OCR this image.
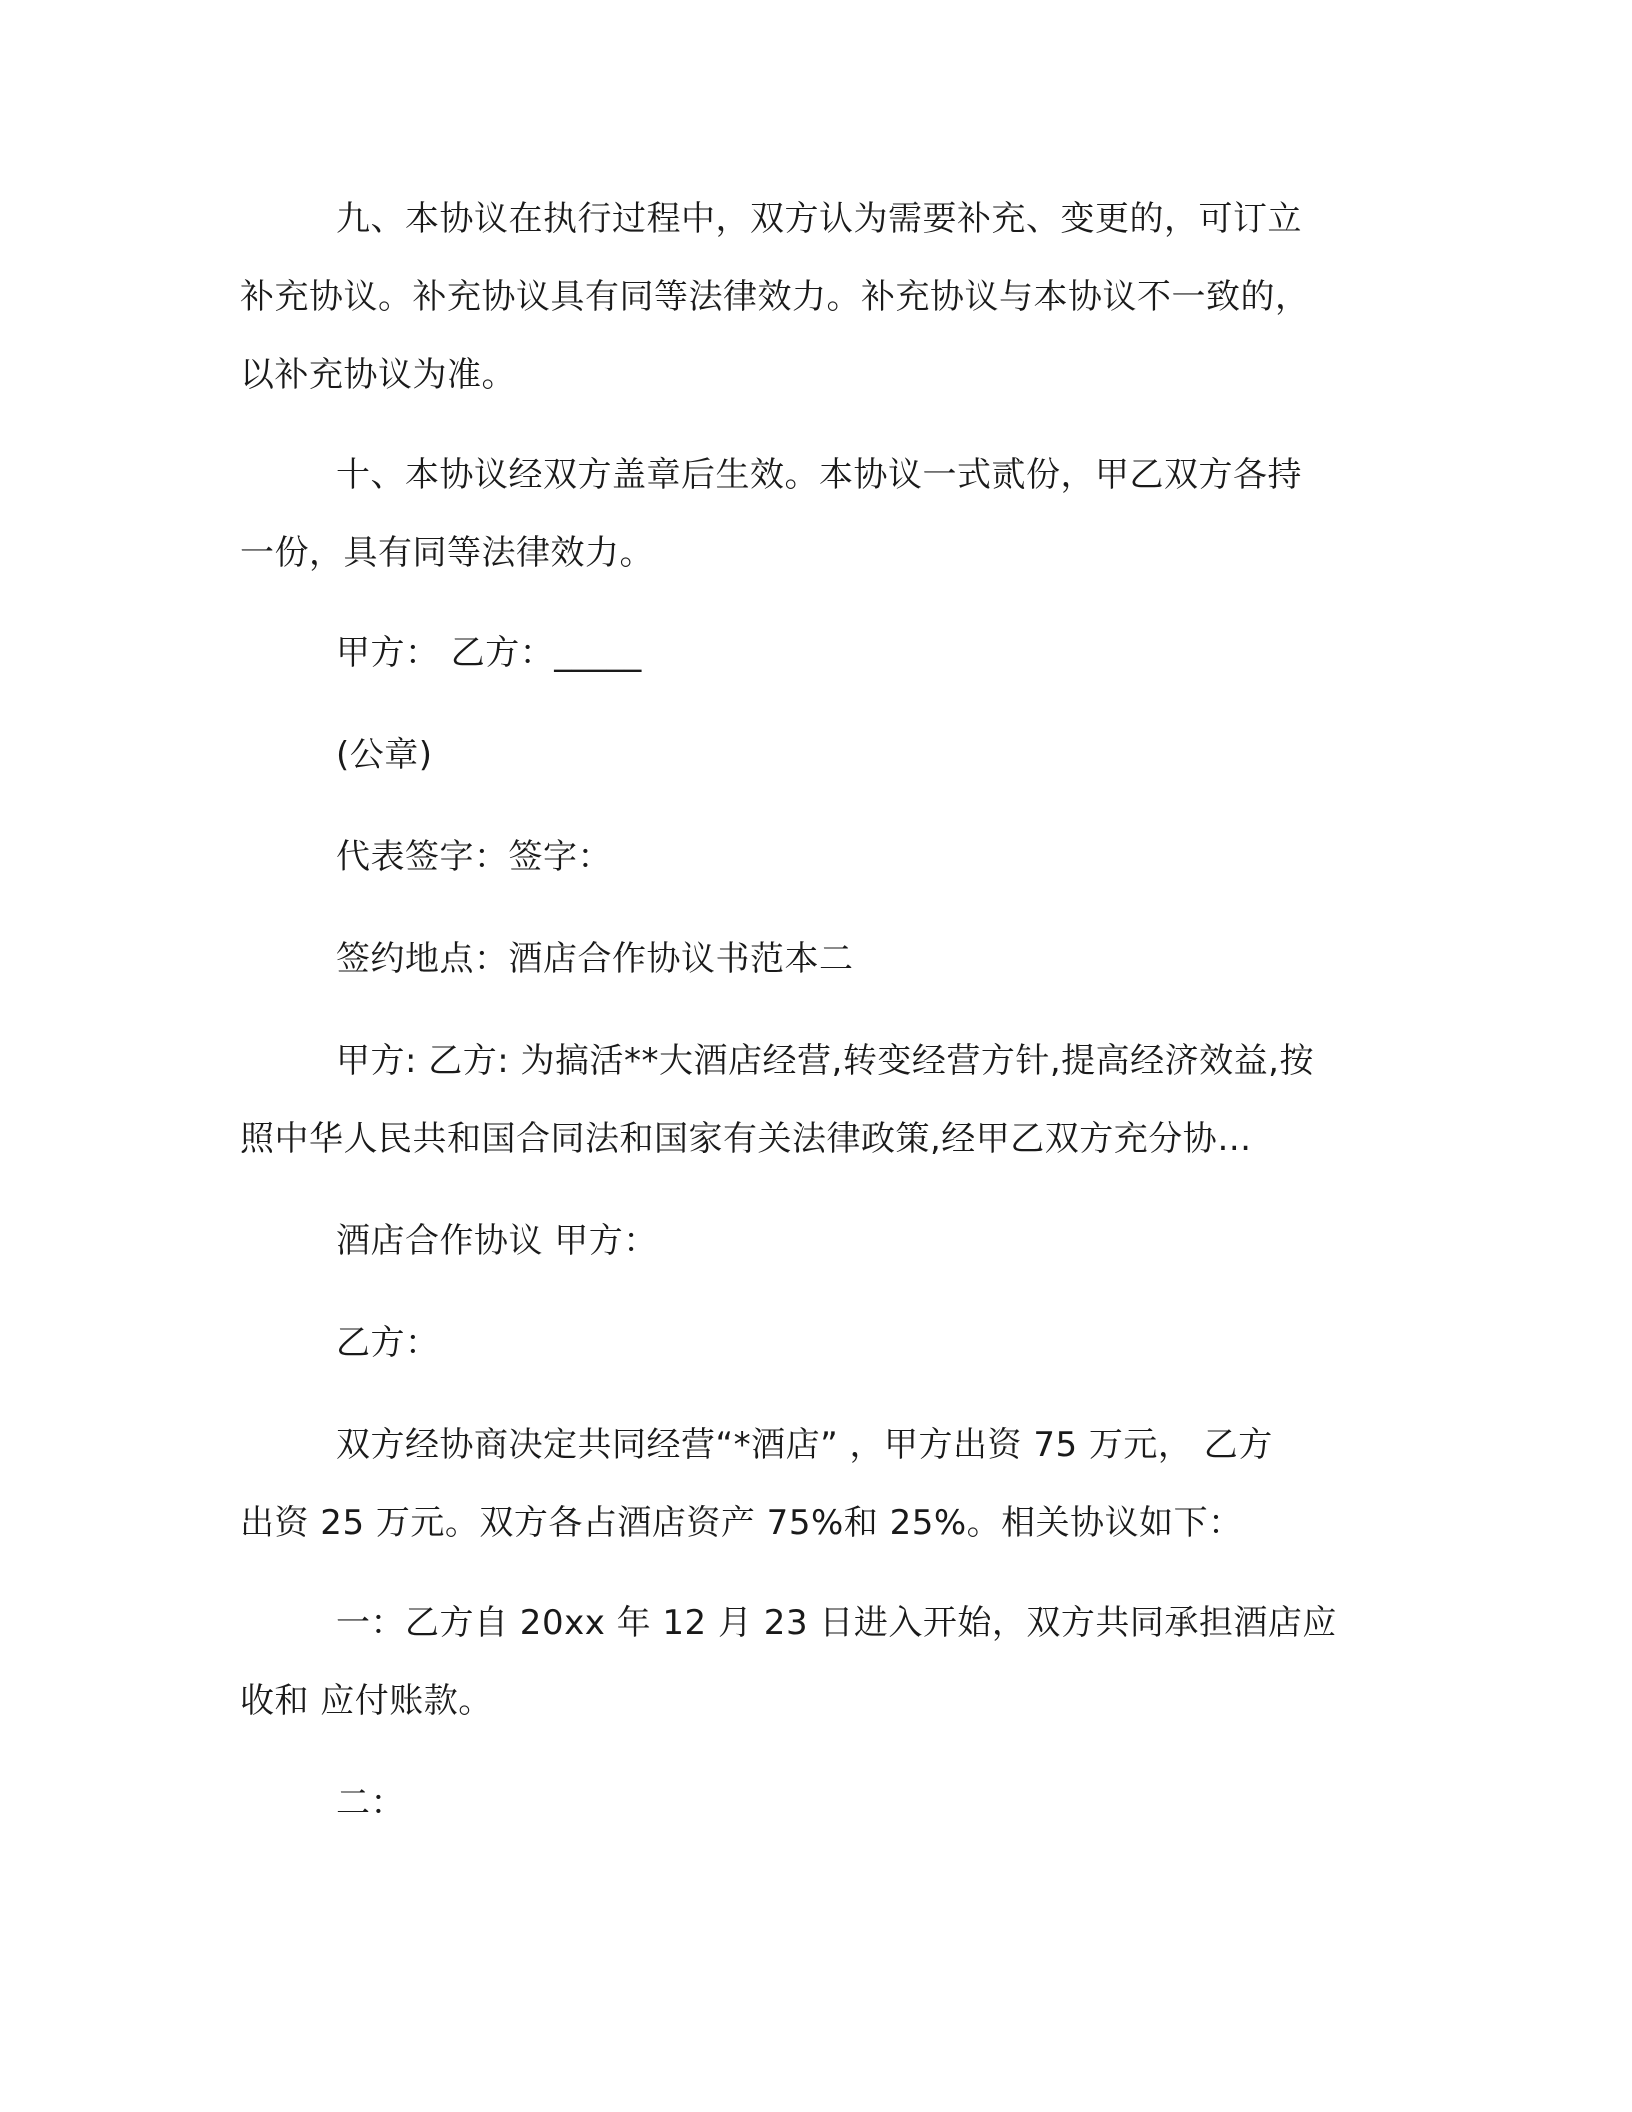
九、本协议在执行过程中，双方认为需要补充、变更的，可订立
补充协议。补充协议具有同等法律效力。补充协议与本协议不一致的，
以补充协议为准。
十、本协议经双方盖章后生效。本协议一式贰份，甲乙双方各持
一份，具有同等法律效力。
甲方： 乙方：_____
(公章)
代表签字：签字：
签约地点：酒店合作协议书范本二
甲方: 乙方: 为搞活**大酒店经营,转变经营方针,提高经济效益,按
照中华人民共和国合同法和国家有关法律政策,经甲乙双方充分协…
酒店合作协议 甲方：
乙方：
双方经协商决定共同经营“*酒店” ，甲方出资 75 万元， 乙方
出资 25 万元。双方各占酒店资产 75%和 25%。相关协议如下：
一：乙方自 20xx 年 12 月 23 日进入开始，双方共同承担酒店应
收和 应付账款。
二：
